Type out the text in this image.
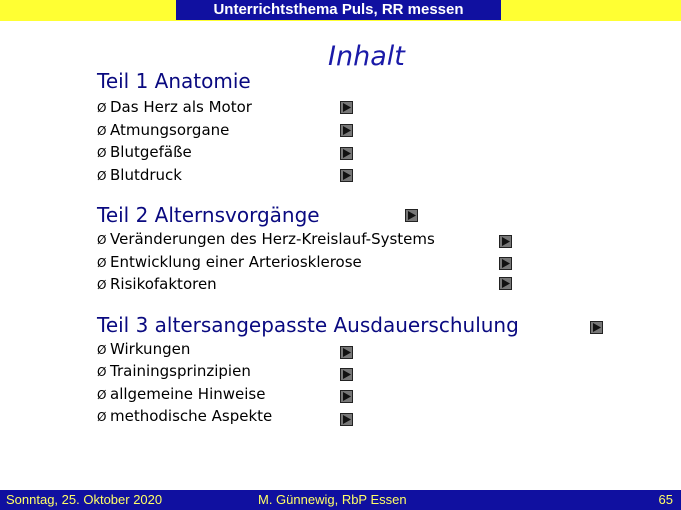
Unterrichtsthema Puls, RR messen
Teil 1 Anatomie
Inhalt
Ø Das Herz als Motor
Ø Atmungsorgane
Ø Blutgefäße
Ø Blutdruck
Teil 2 Alternsvorgänge
Ø Veränderungen des Herz-Kreislauf-Systems
Ø Entwicklung einer Arteriosklerose
Ø Risikofaktoren
Teil 3 altersangepasste Ausdauerschulung
Ø Wirkungen
Ø Trainingsprinzipien
Ø allgemeine Hinweise
Ø methodische Aspekte
Sonntag, 25. Oktober 2020	M. Günnewig, RbP Essen	65
